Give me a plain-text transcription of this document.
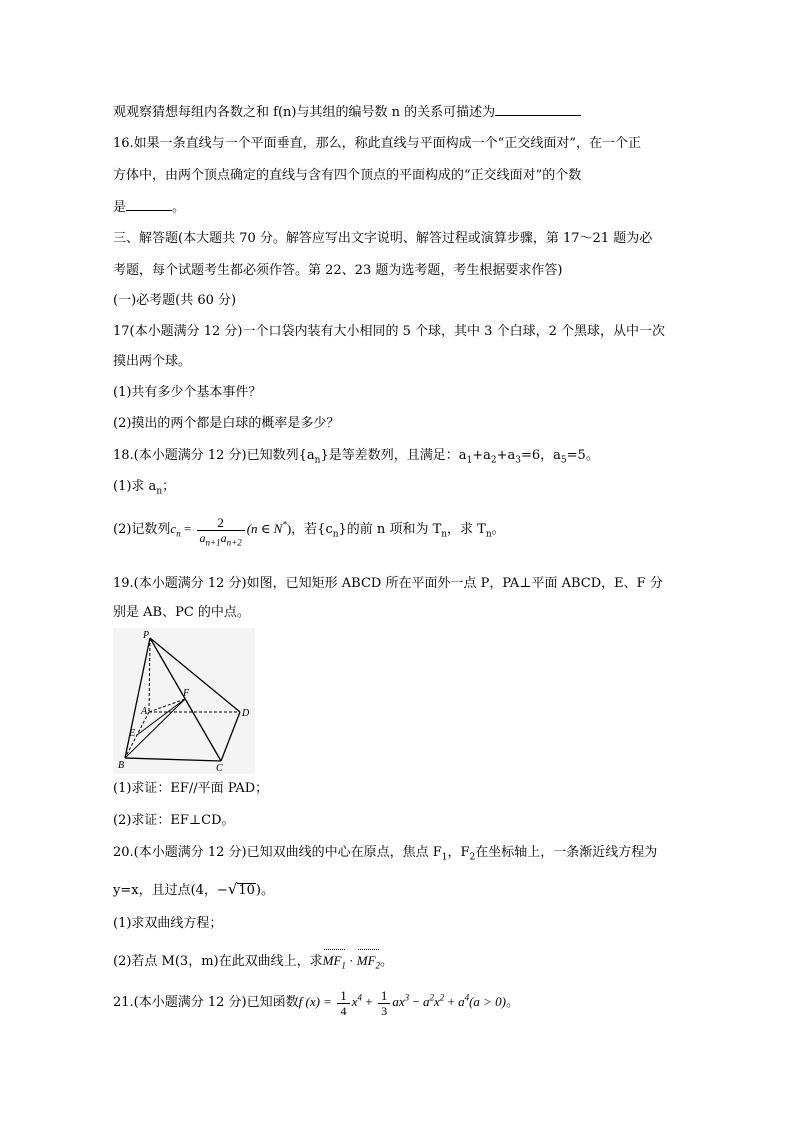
观观察猜想每组内各数之和 f(n)与其组的编号数 n 的关系可描述为
16.如果一条直线与一个平面垂直，那么，称此直线与平面构成一个“正交线面对”，在一个正
方体中，由两个顶点确定的直线与含有四个顶点的平面构成的“正交线面对”的个数
是	。
三、解答题(本大题共 70 分。解答应写出文字说明、解答过程或演算步骤，第 17～21 题为必
考题，每个试题考生都必须作答。第 22、23 题为选考题，考生根据要求作答)
(一)必考题(共 60 分)
17(本小题满分 12 分)一个口袋内装有大小相同的 5 个球，其中 3 个白球，2 个黑球，从中一次
摸出两个球。
(1)共有多少个基本事件？
(2)摸出的两个都是白球的概率是多少？
18.(本小题满分 12 分)已知数列$\{a_n\}$是等差数列，且满足：$a_1+a_2+a_3=6$，$a_5=5$。
(1)求 $a_n$；
(2)记数列$c_n = \frac{2}{a_{n+1}a_{n+2}} (n$ ∈ N*)，若$\{c_n\}$的前 n 项和为 $T_n$，求 $T_n$。
19.(本小题满分 12 分)如图，已知矩形 ABCD 所在平面外一点 P，PA⊥平面 ABCD，E、F 分
别是 AB、PC 的中点。
P
A
E
B	C
D
F
(1)求证：EF//平面 PAD；
(2)求证：EF⊥CD。
20.(本小题满分 12 分)已知双曲线的中心在原点，焦点 $F_1$，$F_2$在坐标轴上，一条渐近线方程为
y=x，且过点(4，−√10)。
(1)求双曲线方程；
(2)若点 M(3，m)在此双曲线上，求$MF_1 \cdot MF_2$。
21.(本小题满分 12 分)已知函数f $(x) = \frac{1}{4} x^4 + \frac{1}{3} ax^3 - a^2x^2 + a^4(a > 0)$。
